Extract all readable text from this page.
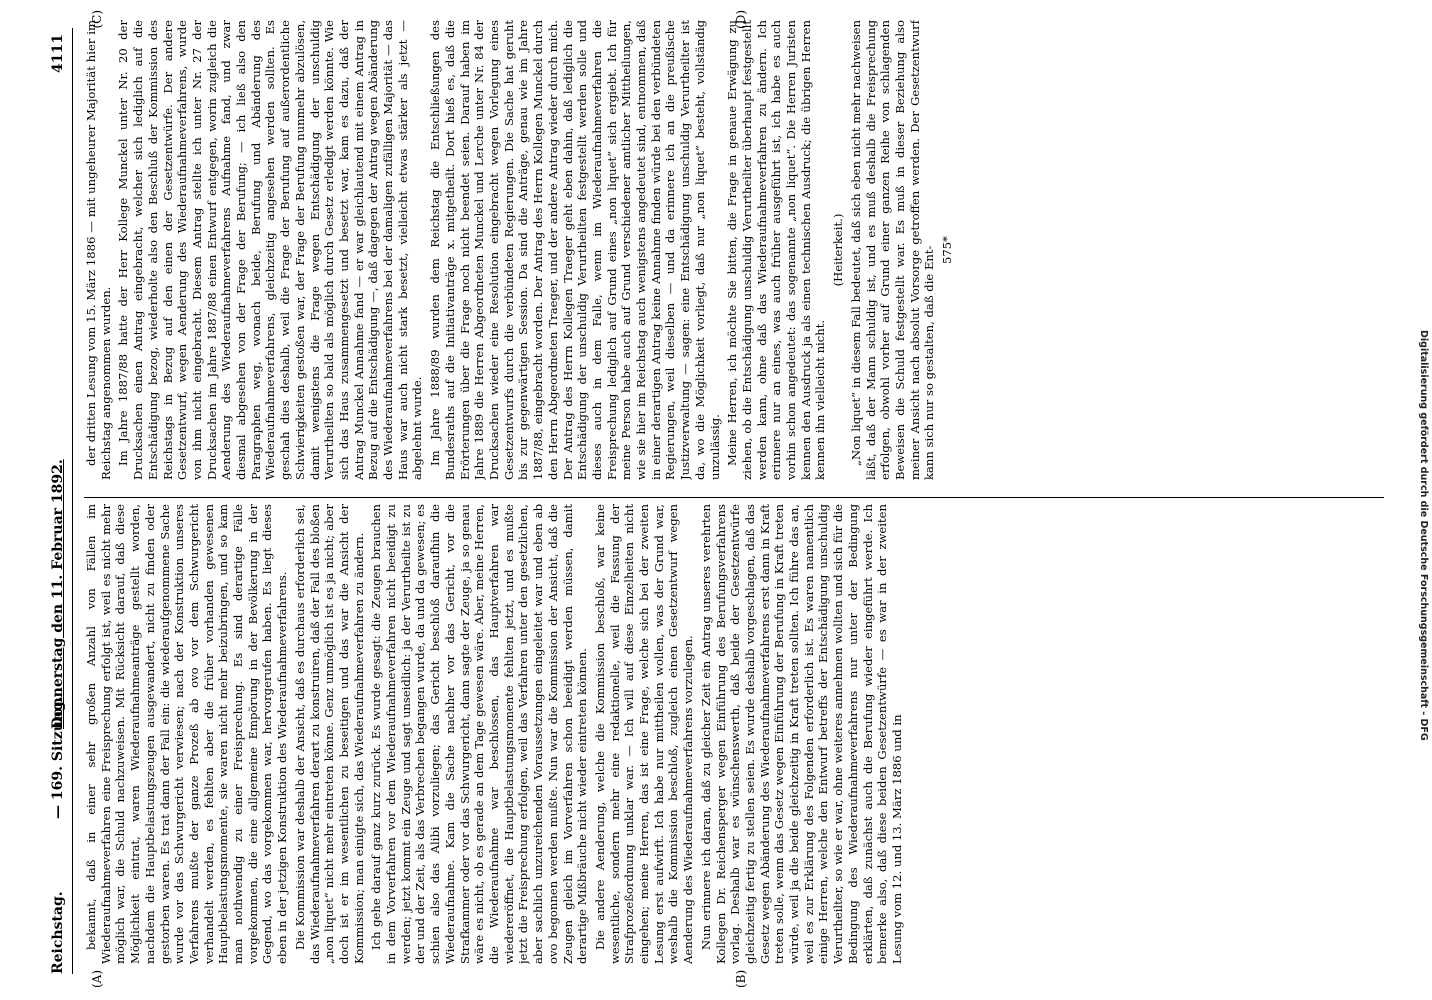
Reichstag.
— 169. Sitzung.
Donnerstag den 11. Februar 1892.
4111
(A)	(B)
(C)	(D)

bekannt, daß in einer sehr großen Anzahl von Fällen im Wiederaufnahmeverfahren eine Freisprechung erfolgt ist, weil es nicht mehr möglich war, die Schuld nachzuweisen. Mit Rücksicht darauf, daß diese Möglichkeit eintrat, waren Wiederaufnahmeanträge gestellt worden, nachdem die Hauptbelastungszeugen ausgewandert, nicht zu finden oder gestorben waren. Es trat dann der Fall ein: die wiederaufgenommene Sache wurde vor das Schwurgericht verwiesen; nach der Konstruktion unseres Verfahrens mußte der ganze Prozeß ab ovo vor dem Schwurgericht verhandelt werden, es fehlten aber die früher vorhanden gewesenen Hauptbelastungsmomente, sie waren nicht mehr beizubringen, und so kam man nothwendig zu einer Freisprechung. Es sind derartige Fälle vorgekommen, die eine allgemeine Empörung in der Bevölkerung in der Gegend, wo das vorgekommen war, hervorgerufen haben. Es liegt dieses eben in der jetzigen Konstruktion des Wiederaufnahmeverfahrens. Die Kommission war deshalb der Ansicht, daß es durchaus erforderlich sei, das Wiederaufnahmeverfahren derart zu konstruiren, daß der Fall des bloßen „non liquet“ nicht mehr eintreten könne. Genz unmöglich ist es ja nicht; aber doch ist er im wesentlichen zu beseitigen und das war die Ansicht der Kommission; man einigte sich, das Wiederaufnahmeverfahren zu ändern. Ich gehe darauf ganz kurz zurück. Es wurde gesagt: die Zeugen brauchen in dem Vorverfahren vor dem Wiederaufnahmeverfahren nicht beeidigt zu werden; jetzt kommt ein Zeuge und sagt unseidlich: ja der Verurtheilte ist zu der und der Zeit, als das Verbrechen begangen wurde, da und da gewesen; es schien also das Alibi vorzuliegen; das Gericht beschloß daraufhin die Wiederaufnahme. Kam die Sache nachher vor das Gericht, vor die Strafkammer oder vor das Schwurgericht, dann sagte der Zeuge, ja so genau wäre es nicht, ob es gerade an dem Tage gewesen wäre. Aber, meine Herren, die Wiederaufnahme war beschlossen, das Hauptverfahren war wiedereröffnet, die Hauptbelastungsmomente fehlten jetzt, und es mußte jetzt die Freisprechung erfolgen, weil das Verfahren unter den gesetzlichen, aber sachlich unzureichenden Voraussetzungen eingeleitet war und eben ab ovo begonnen werden mußte. Nun war die Kommission der Ansicht, daß die Zeugen gleich im Vorverfahren schon beeidigt werden müssen, damit derartige Mißbräuche nicht wieder eintreten können. Die andere Aenderung, welche die Kommission beschloß, war keine wesentliche, sondern mehr eine redaktionelle, weil die Fassung der Strafprozeßordnung unklar war. — Ich will auf diese Einzelheiten nicht eingehen; meine Herren, das ist eine Frage, welche sich bei der zweiten Lesung erst aufwirft. Ich habe nur mittheilen wollen, was der Grund war, weshalb die Kommission beschloß, zugleich einen Gesetzentwurf wegen Aenderung des Wiederaufnahmeverfahrens vorzulegen. Nun erinnere ich daran, daß zu gleicher Zeit ein Antrag unseres verehrten Kollegen Dr. Reichensperger wegen Einführung des Berufungsverfahrens vorlag. Deshalb war es wünschenswerth, daß beide der Gesetzentwürfe gleichzeitig fertig zu stellen seien. Es wurde deshalb vorgeschlagen, daß das Gesetz wegen Abänderung des Wiederaufnahmeverfahrens erst dann in Kraft treten solle, wenn das Gesetz wegen Einführung der Berufung in Kraft treten würde, weil ja die beide gleichzeitig in Kraft treten sollten. Ich führe das an, weil es zur Erklärung des Folgenden erforderlich ist. Es waren namentlich einige Herren, welche den Entwurf betreffs der Entschädigung unschuldig Verurtheilter, so wie er war, ohne weiteres annehmen wollten und sich für die Bedingung des Wiederaufnahmeverfahrens nur unter der Bedingung erklärten, daß zunächst auch die Berufung wieder eingeführt werde. Ich bemerke also, daß diese beiden Gesetzentwürfe — es war in der zweiten Lesung vom 12. und 13. März 1886 und in

der dritten Lesung vom 15. März 1886 — mit ungeheurer Majorität hier im Reichstag angenommen wurden. Im Jahre 1887/88 hatte der Herr Kollege Munckel unter Nr. 20 der Drucksachen einen Antrag eingebracht, welcher sich lediglich auf die Entschädigung bezog, wiederholte also den Beschluß der Kommission des Reichstags in Bezug auf den einen der Gesetzentwürfe. Der andere Gesetzentwurf, wegen Aenderung des Wiederaufnahmeverfahrens, wurde von ihm nicht eingebracht. Diesem Antrag stellte ich unter Nr. 27 der Drucksachen im Jahre 1887/88 einen Entwurf entgegen, worin zugleich die Aenderung des Wiederaufnahmeverfahrens Aufnahme fand, und zwar diesmal abgesehen von der Frage der Berufung; — ich ließ also den Paragraphen weg, wonach beide, Berufung und Abänderung des Wiederaufnahmeverfahrens, gleichzeitig angesehen werden sollten. Es geschah dies deshalb, weil die Frage der Berufung auf außerordentliche Schwierigkeiten gestoßen war, der Frage der Berufung nunmehr abzulösen, damit wenigstens die Frage wegen Entschädigung der unschuldig Verurtheilten so bald als möglich durch Gesetz erledigt werden könnte. Wie sich das Haus zusammengesetzt und besetzt war, kam es dazu, daß der Antrag Munckel Annahme fand — er war gleichlautend mit einem Antrag in Bezug auf die Entschädigung —, daß dagegen der Antrag wegen Abänderung des Wiederaufnahmeverfahrens bei der damaligen zufälligen Majorität — das Haus war auch nicht stark besetzt, vielleicht etwas stärker als jetzt — abgelehnt wurde. Im Jahre 1888/89 wurden dem Reichstag die Entschließungen des Bundesraths auf die Initiativanträge x. mitgetheilt. Dort hieß es, daß die Erörterungen über die Frage noch nicht beendet seien. Darauf haben im Jahre 1889 die Herren Abgeordneten Munckel und Lerche unter Nr. 84 der Drucksachen wieder eine Resolution eingebracht wegen Vorlegung eines Gesetzentwurfs durch die verbündeten Regierungen. Die Sache hat geruht bis zur gegenwärtigen Session. Da sind die Anträge, genau wie im Jahre 1887/88, eingebracht worden. Der Antrag des Herrn Kollegen Munckel durch den Herrn Abgeordneten Traeger, und der andere Antrag wieder durch mich. Der Antrag des Herrn Kollegen Traeger geht eben dahin, daß lediglich die Entschädigung der unschuldig Verurtheilten festgestellt werden solle und dieses auch in dem Falle, wenn im Wiederaufnahmeverfahren die Freisprechung lediglich auf Grund eines „non liquet“ sich ergiebt. Ich für meine Person habe auch auf Grund verschiedener amtlicher Mittheilungen, wie sie hier im Reichstag auch wenigstens angedeutet sind, entnommen, daß in einer derartigen Antrag keine Annahme finden würde bei den verbündeten Regierungen, weil dieselben — und da erinnere ich an die preußische Justizverwaltung — sagen: eine Entschädigung unschuldig Verurtheilter ist da, wo die Möglichkeit vorliegt, daß nur „non liquet“ besteht, vollständig unzulässig. Meine Herren, ich möchte Sie bitten, die Frage in genaue Erwägung zu ziehen, ob die Entschädigung unschuldig Verurtheilter überhaupt festgestellt werden kann, ohne daß das Wiederaufnahmeverfahren zu ändern. Ich erinnere nur an eines, was auch früher ausgeführt ist, ich habe es auch vorhin schon angedeutet: das sogenannte „non liquet“. Die Herren Juristen kennen den Ausdruck ja als einen technischen Ausdruck; die übrigen Herren kennen ihn vielleicht nicht.

(Heiterkeit.) „Non liquet“ in diesem Fall bedeutet, daß sich eben nicht mehr nachweisen läßt, daß der Mann schuldig ist, und es muß deshalb die Freisprechung erfolgen, obwohl vorher auf Grund einer ganzen Reihe von schlagenden Beweisen die Schuld festgestellt war. Es muß in dieser Beziehung also meiner Ansicht nach absolut Vorsorge getroffen werden. Der Gesetzentwurf kann sich nur so gestalten, daß die Ent- 575*

Digitalisierung gefördert durch die Deutsche Forschungsgemeinschaft - DFG
